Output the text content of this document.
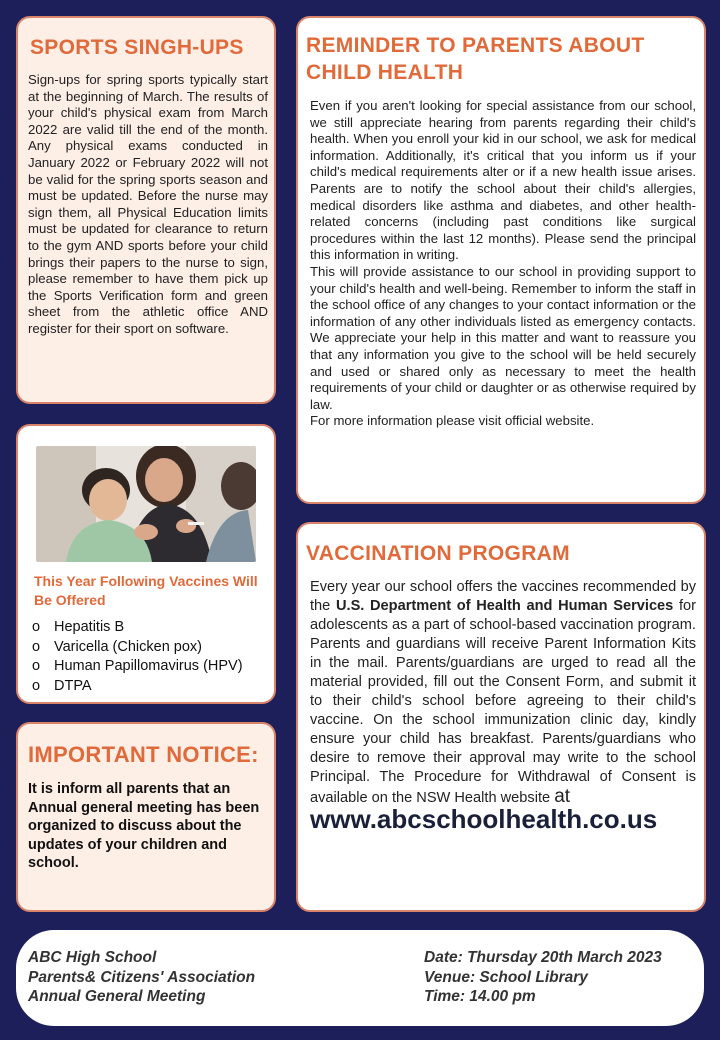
SPORTS SINGH-UPS
Sign-ups for spring sports typically start at the beginning of March. The results of your child's physical exam from March 2022 are valid till the end of the month. Any physical exams conducted in January 2022 or February 2022 will not be valid for the spring sports season and must be updated. Before the nurse may sign them, all Physical Education limits must be updated for clearance to return to the gym AND sports before your child brings their papers to the nurse to sign, please remember to have them pick up the Sports Verification form and green sheet from the athletic office AND register for their sport on software.
REMINDER TO PARENTS ABOUT CHILD HEALTH
Even if you aren't looking for special assistance from our school, we still appreciate hearing from parents regarding their child's health. When you enroll your kid in our school, we ask for medical information. Additionally, it's critical that you inform us if your child's medical requirements alter or if a new health issue arises. Parents are to notify the school about their child's allergies, medical disorders like asthma and diabetes, and other health-related concerns (including past conditions like surgical procedures within the last 12 months). Please send the principal this information in writing.
This will provide assistance to our school in providing support to your child's health and well-being. Remember to inform the staff in the school office of any changes to your contact information or the information of any other individuals listed as emergency contacts. We appreciate your help in this matter and want to reassure you that any information you give to the school will be held securely and used or shared only as necessary to meet the health requirements of your child or daughter or as otherwise required by law.
For more information please visit official website.
This Year Following Vaccines Will Be Offered
o Hepatitis B
o Varicella (Chicken pox)
o Human Papillomavirus (HPV)
o DTPA
IMPORTANT NOTICE:
It is inform all parents that an Annual general meeting has been
organized to discuss about the updates of your children and school.
VACCINATION PROGRAM
Every year our school offers the vaccines recommended by the U.S. Department of Health and Human Services for adolescents as a part of school-based vaccination program. Parents and guardians will receive Parent Information Kits in the mail. Parents/guardians are urged to read all the material provided, fill out the Consent Form, and submit it to their child's school before agreeing to their child's vaccine. On the school immunization clinic day, kindly ensure your child has breakfast. Parents/guardians who desire to remove their approval may write to the school Principal. The Procedure for Withdrawal of Consent is available on the NSW Health website at
www.abcschoolhealth.co.us
ABC High School
Parents& Citizens' Association
Annual General Meeting
Date: Thursday 20th March 2023
Venue: School Library
Time: 14.00 pm
